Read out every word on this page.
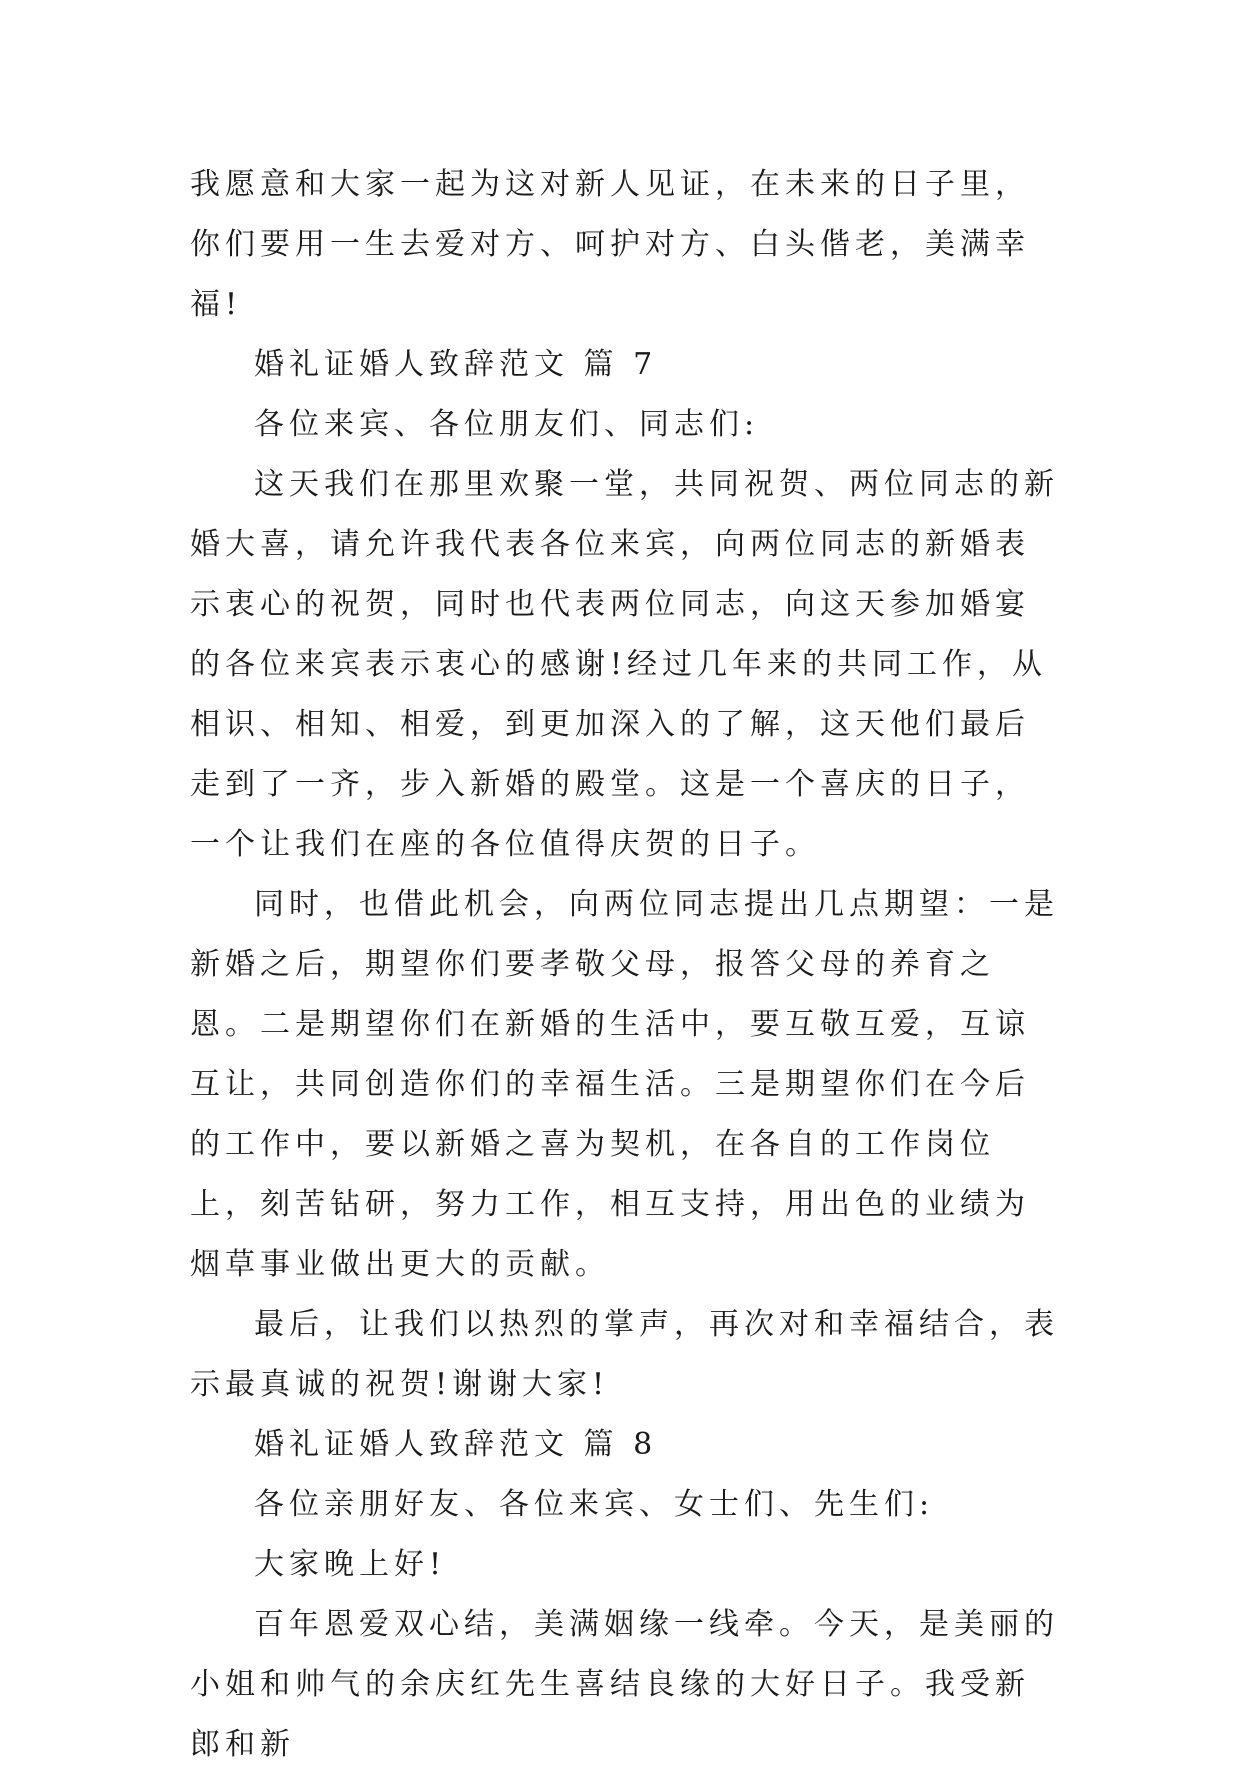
我愿意和大家一起为这对新人见证，在未来的日子里，你们要用一生去爱对方、呵护对方、白头偕老，美满幸福!

婚礼证婚人致辞范文 篇 7

各位来宾、各位朋友们、同志们:

这天我们在那里欢聚一堂，共同祝贺、两位同志的新婚大喜，请允许我代表各位来宾，向两位同志的新婚表示衷心的祝贺，同时也代表两位同志，向这天参加婚宴的各位来宾表示衷心的感谢!经过几年来的共同工作，从相识、相知、相爱，到更加深入的了解，这天他们最后走到了一齐，步入新婚的殿堂。这是一个喜庆的日子，一个让我们在座的各位值得庆贺的日子。

同时，也借此机会，向两位同志提出几点期望：一是新婚之后，期望你们要孝敬父母，报答父母的养育之恩。二是期望你们在新婚的生活中，要互敬互爱，互谅互让，共同创造你们的幸福生活。三是期望你们在今后的工作中，要以新婚之喜为契机，在各自的工作岗位上，刻苦钻研，努力工作，相互支持，用出色的业绩为烟草事业做出更大的贡献。

最后，让我们以热烈的掌声，再次对和幸福结合，表示最真诚的祝贺!谢谢大家!

婚礼证婚人致辞范文 篇 8

各位亲朋好友、各位来宾、女士们、先生们:

大家晚上好!

百年恩爱双心结，美满姻缘一线牵。今天，是美丽的小姐和帅气的余庆红先生喜结良缘的大好日子。我受新郎和新
